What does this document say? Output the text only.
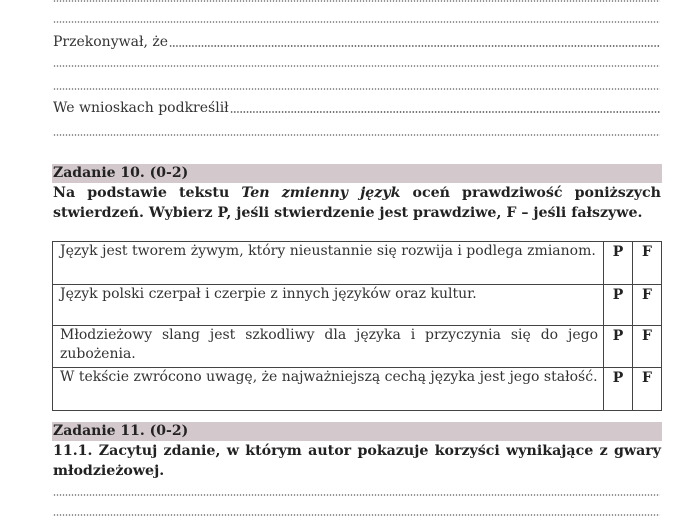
Przekonywał, że
We wnioskach podkreślił
Zadanie 10. (0-2)
Na podstawie tekstu Ten zmienny język oceń prawdziwość poniższych stwierdzeń. Wybierz P, jeśli stwierdzenie jest prawdziwe, F – jeśli fałszywe.
Język jest tworem żywym, który nieustannie się rozwija i podlega zmianom.	P	F
Język polski czerpał i czerpie z innych języków oraz kultur.	P	F
Młodzieżowy slang jest szkodliwy dla języka i przyczynia się do jego zubożenia.	P	F
W tekście zwrócono uwagę, że najważniejszą cechą języka jest jego stałość.	P	F
Zadanie 11. (0-2)
11.1. Zacytuj zdanie, w którym autor pokazuje korzyści wynikające z gwary młodzieżowej.
